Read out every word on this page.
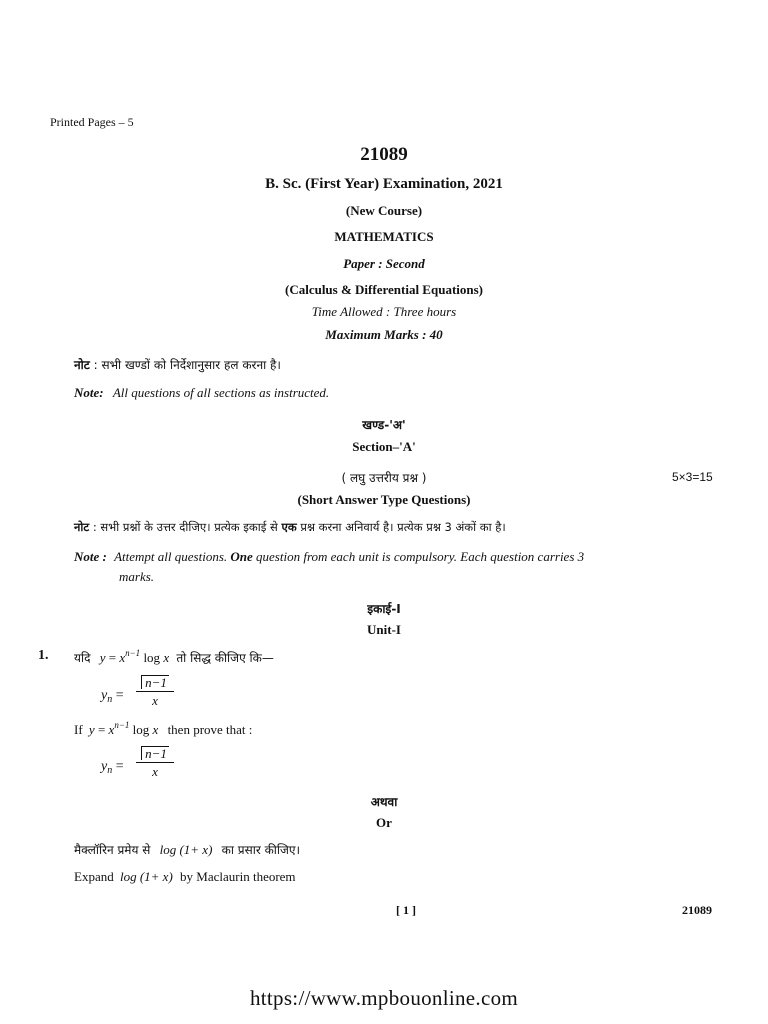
Printed Pages – 5
21089
B. Sc. (First Year) Examination, 2021
(New Course)
MATHEMATICS
Paper : Second
(Calculus & Differential Equations)
Time Allowed : Three hours
Maximum Marks : 40
नोट : सभी खण्डों को निर्देशानुसार हल करना है।
Note: All questions of all sections as instructed.
खण्ड-'अ'
Section–'A'
( लघु उत्तरीय प्रश्न )	5×3=15
(Short Answer Type Questions)
नोट : सभी प्रश्नों के उत्तर दीजिए। प्रत्येक इकाई से एक प्रश्न करना अनिवार्य है। प्रत्येक प्रश्न 3 अंकों का है।
Note : Attempt all questions. One question from each unit is compulsory. Each question carries 3
marks.
इकाई-I
Unit-I
1. यदि $y = x^{n-1}$ log x तो सिद्ध कीजिए कि—
$y_n$ =
n−1
x
If $y = x^{n-1}$ log x then prove that :
$y_n$ =
n−1
x
अथवा
Or
मैक्लॉरिन प्रमेय से log (1+ x) का प्रसार कीजिए।
Expand log (1+ x) by Maclaurin theorem
[ 1 ]	21089
https://www.mpbouonline.com
